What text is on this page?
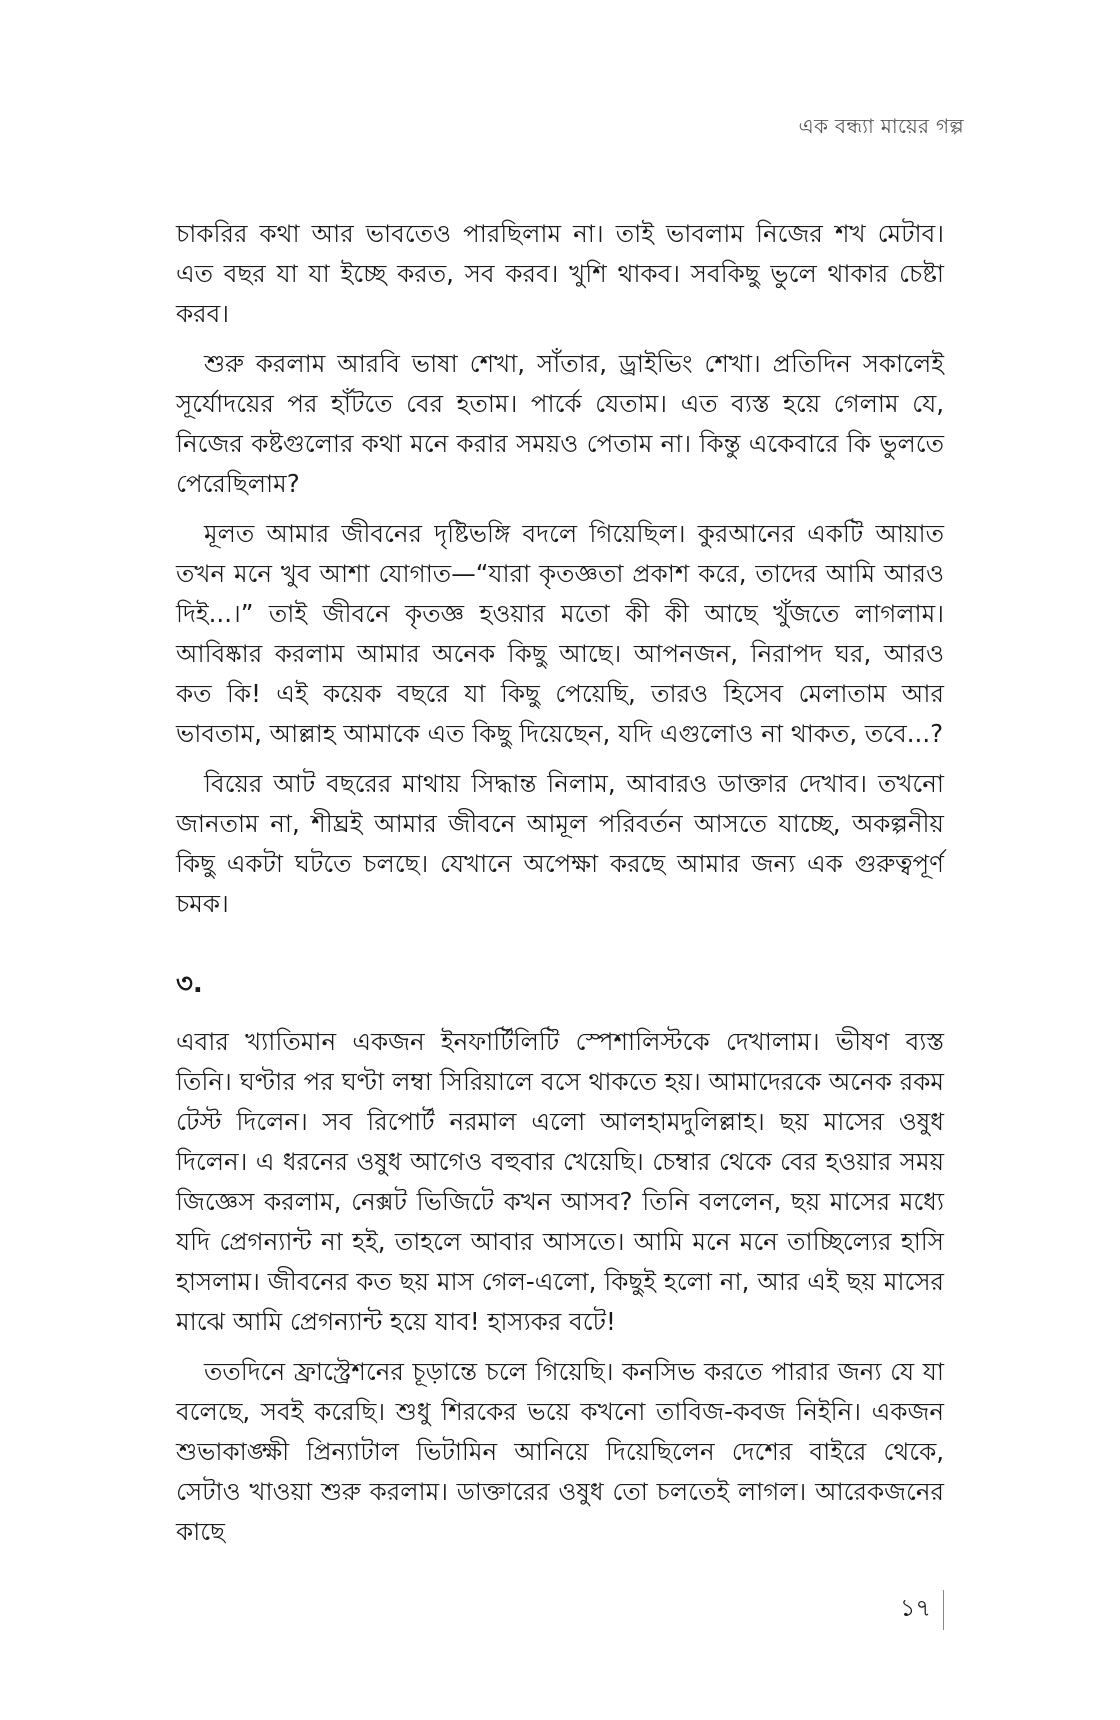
এক বন্ধ্যা মায়ের গল্প

চাকরির কথা আর ভাবতেও পারছিলাম না। তাই ভাবলাম নিজের শখ মেটাব। এত বছর যা যা ইচ্ছে করত, সব করব। খুশি থাকব। সবকিছু ভুলে থাকার চেষ্টা করব।

শুরু করলাম আরবি ভাষা শেখা, সাঁতার, ড্রাইভিং শেখা। প্রতিদিন সকালেই সূর্যোদয়ের পর হাঁটতে বের হতাম। পার্কে যেতাম। এত ব্যস্ত হয়ে গেলাম যে, নিজের কষ্টগুলোর কথা মনে করার সময়ও পেতাম না। কিন্তু একেবারে কি ভুলতে পেরেছিলাম?

মূলত আমার জীবনের দৃষ্টিভঙ্গি বদলে গিয়েছিল। কুরআনের একটি আয়াত তখন মনে খুব আশা যোগাত—“যারা কৃতজ্ঞতা প্রকাশ করে, তাদের আমি আরও দিই...।” তাই জীবনে কৃতজ্ঞ হওয়ার মতো কী কী আছে খুঁজতে লাগলাম। আবিষ্কার করলাম আমার অনেক কিছু আছে। আপনজন, নিরাপদ ঘর, আরও কত কি! এই কয়েক বছরে যা কিছু পেয়েছি, তারও হিসেব মেলাতাম আর ভাবতাম, আল্লাহ আমাকে এত কিছু দিয়েছেন, যদি এগুলোও না থাকত, তবে...?

বিয়ের আট বছরের মাথায় সিদ্ধান্ত নিলাম, আবারও ডাক্তার দেখাব। তখনো জানতাম না, শীঘ্রই আমার জীবনে আমূল পরিবর্তন আসতে যাচ্ছে, অকল্পনীয় কিছু একটা ঘটতে চলছে। যেখানে অপেক্ষা করছে আমার জন্য এক গুরুত্বপূর্ণ চমক।

৩.

এবার খ্যাতিমান একজন ইনফার্টিলিটি স্পেশালিস্টকে দেখালাম। ভীষণ ব্যস্ত তিনি। ঘণ্টার পর ঘণ্টা লম্বা সিরিয়ালে বসে থাকতে হয়। আমাদেরকে অনেক রকম টেস্ট দিলেন। সব রিপোর্ট নরমাল এলো আলহামদুলিল্লাহ। ছয় মাসের ওষুধ দিলেন। এ ধরনের ওষুধ আগেও বহুবার খেয়েছি। চেম্বার থেকে বের হওয়ার সময় জিজ্ঞেস করলাম, নেক্সট ভিজিটে কখন আসব? তিনি বললেন, ছয় মাসের মধ্যে যদি প্রেগন্যান্ট না হই, তাহলে আবার আসতে। আমি মনে মনে তাচ্ছিল্যের হাসি হাসলাম। জীবনের কত ছয় মাস গেল-এলো, কিছুই হলো না, আর এই ছয় মাসের মাঝে আমি প্রেগন্যান্ট হয়ে যাব! হাস্যকর বটে!

ততদিনে ফ্রাস্ট্রেশনের চূড়ান্তে চলে গিয়েছি। কনসিভ করতে পারার জন্য যে যা বলেছে, সবই করেছি। শুধু শিরকের ভয়ে কখনো তাবিজ-কবজ নিইনি। একজন শুভাকাঙ্ক্ষী প্রিন্যাটাল ভিটামিন আনিয়ে দিয়েছিলেন দেশের বাইরে থেকে, সেটাও খাওয়া শুরু করলাম। ডাক্তারের ওষুধ তো চলতেই লাগল। আরেকজনের কাছে

১৭
